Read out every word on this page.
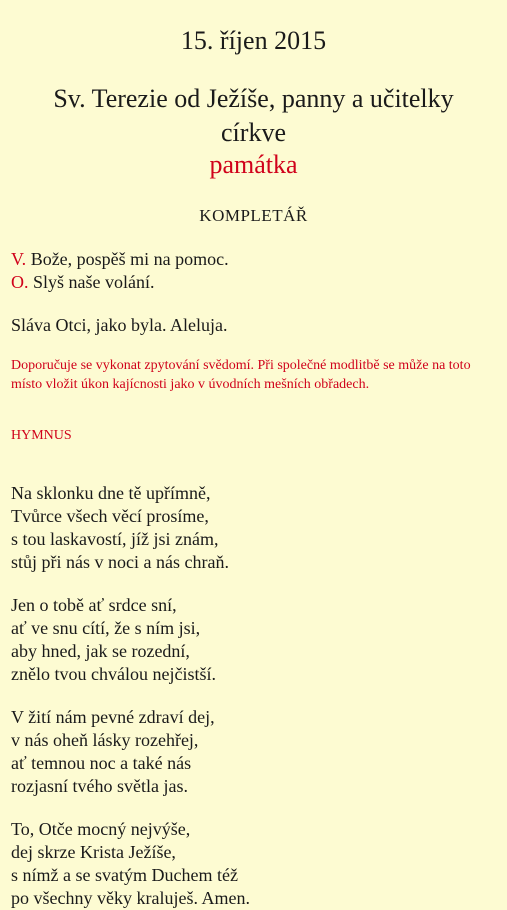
15. říjen 2015
Sv. Terezie od Ježíše, panny a učitelky církve
památka
KOMPLETÁŘ
V. Bože, pospěš mi na pomoc.
O. Slyš naše volání.
Sláva Otci, jako byla. Aleluja.
Doporučuje se vykonat zpytování svědomí. Při společné modlitbě se může na toto místo vložit úkon kajícnosti jako v úvodních mešních obřadech.
HYMNUS
Na sklonku dne tě upřímně,
Tvůrce všech věcí prosíme,
s tou laskavostí, jíž jsi znám,
stůj při nás v noci a nás chraň.
Jen o tobě ať srdce sní,
ať ve snu cítí, že s ním jsi,
aby hned, jak se rozední,
znělo tvou chválou nejčistší.
V žití nám pevné zdraví dej,
v nás oheň lásky rozehřej,
ať temnou noc a také nás
rozjasní tvého světla jas.
To, Otče mocný nejvýše,
dej skrze Krista Ježíše,
s nímž a se svatým Duchem též
po všechny věky kraluješ. Amen.
